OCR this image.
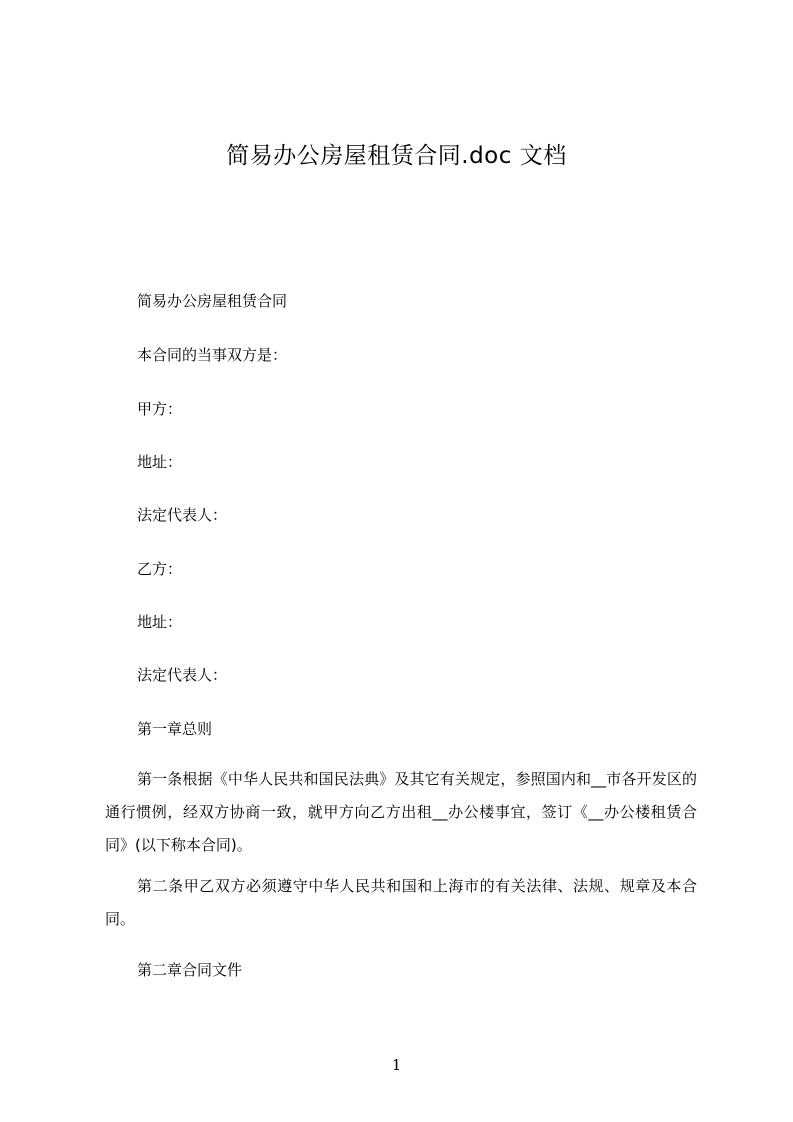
简易办公房屋租赁合同.doc 文档
简易办公房屋租赁合同
本合同的当事双方是：
甲方：
地址：
法定代表人：
乙方：
地址：
法定代表人：
第一章总则
第一条根据《中华人民共和国民法典》及其它有关规定，参照国内和__市各开发区的通行惯例，经双方协商一致，就甲方向乙方出租__办公楼事宜，签订《__办公楼租赁合同》(以下称本合同)。
第二条甲乙双方必须遵守中华人民共和国和上海市的有关法律、法规、规章及本合同。
第二章合同文件
1
